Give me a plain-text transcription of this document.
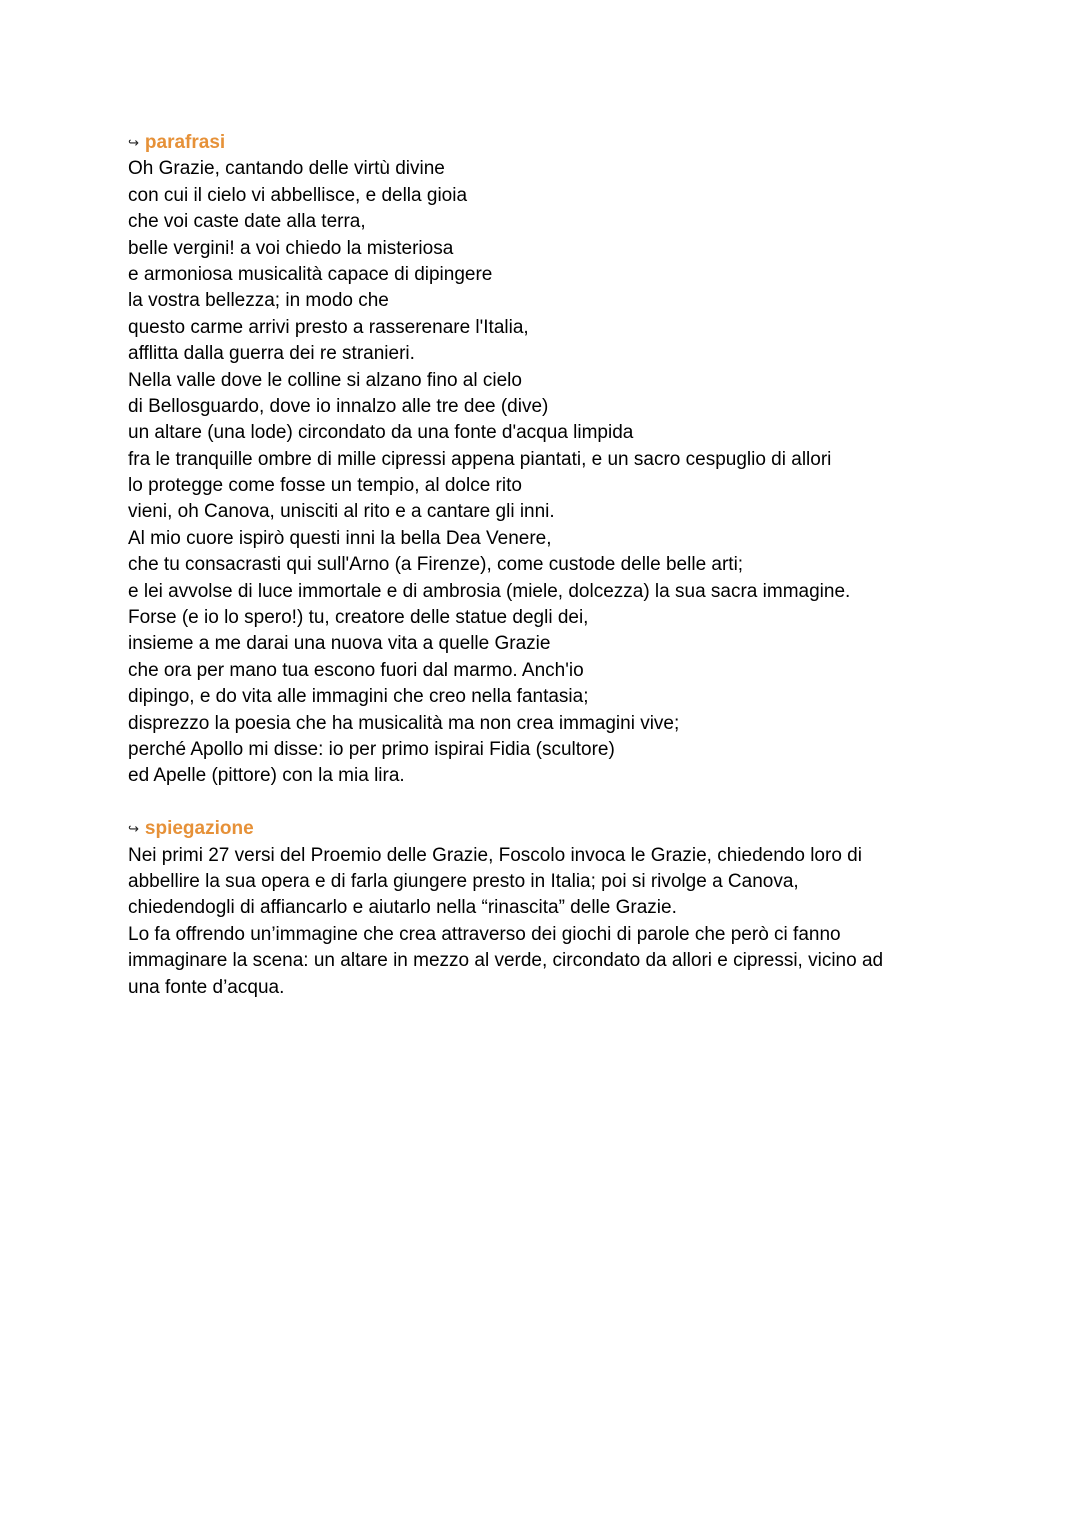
↪ parafrasi
Oh Grazie, cantando delle virtù divine
con cui il cielo vi abbellisce, e della gioia
che voi caste date alla terra,
belle vergini! a voi chiedo la misteriosa
e armoniosa musicalità capace di dipingere
la vostra bellezza; in modo che
questo carme arrivi presto a rasserenare l'Italia,
afflitta dalla guerra dei re stranieri.
Nella valle dove le colline si alzano fino al cielo
di Bellosguardo, dove io innalzo alle tre dee (dive)
un altare (una lode) circondato da una fonte d'acqua limpida
fra le tranquille ombre di mille cipressi appena piantati, e un sacro cespuglio di allori
lo protegge come fosse un tempio, al dolce rito
vieni, oh Canova, unisciti al rito e a cantare gli inni.
Al mio cuore ispirò questi inni la bella Dea Venere,
che tu consacrasti qui sull'Arno (a Firenze), come custode delle belle arti;
e lei avvolse di luce immortale e di ambrosia (miele, dolcezza) la sua sacra immagine.
Forse (e io lo spero!) tu, creatore delle statue degli dei,
insieme a me darai una nuova vita a quelle Grazie
che ora per mano tua escono fuori dal marmo. Anch'io
dipingo, e do vita alle immagini che creo nella fantasia;
disprezzo la poesia che ha musicalità ma non crea immagini vive;
perché Apollo mi disse: io per primo ispirai Fidia (scultore)
ed Apelle (pittore) con la mia lira.
↪ spiegazione
Nei primi 27 versi del Proemio delle Grazie, Foscolo invoca le Grazie, chiedendo loro di
abbellire la sua opera e di farla giungere presto in Italia; poi si rivolge a Canova,
chiedendogli di affiancarlo e aiutarlo nella “rinascita” delle Grazie.
Lo fa offrendo un’immagine che crea attraverso dei giochi di parole che però ci fanno
immaginare la scena: un altare in mezzo al verde, circondato da allori e cipressi, vicino ad
una fonte d’acqua.
